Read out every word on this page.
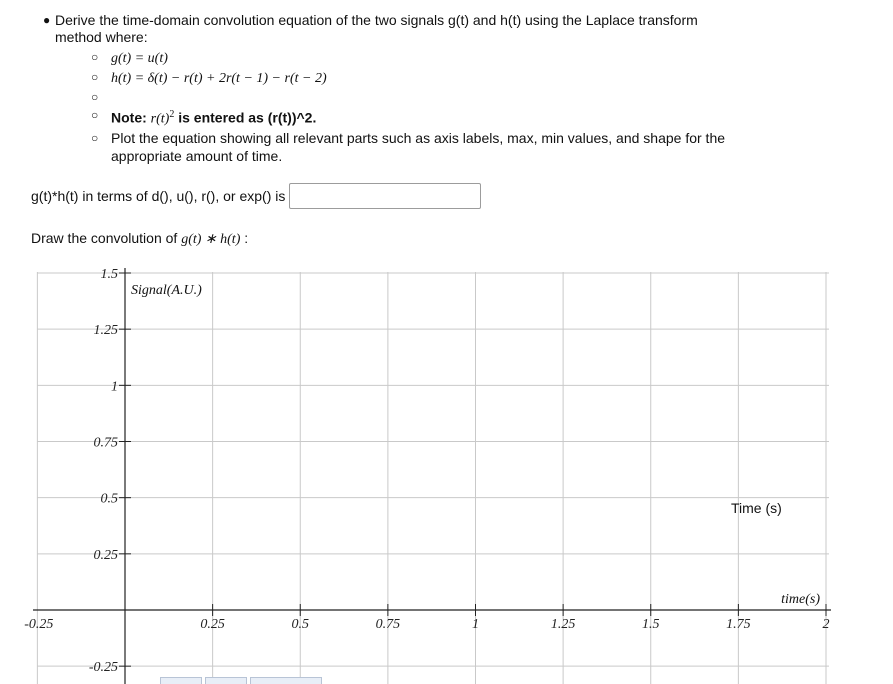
● Derive the time-domain convolution equation of the two signals g(t) and h(t) using the Laplace transform method where:
○ g(t) = u(t)
○ h(t) = δ(t) − r(t) + 2r(t − 1) − r(t − 2)
○
○ Note: $r(t)^2$ is entered as (r(t))^2.
○ Plot the equation showing all relevant parts such as axis labels, max, min values, and shape for the appropriate amount of time.
g(t)*h(t) in terms of d(), u(), r(), or exp() is
Draw the convolution of g(t) ∗ h(t) :
0.25	0.5	0.75	1	1.25	1.5	1.75	2
1.5
1.25
1
0.75
0.5
0.25
-0.25
-0.25
Signal(A.U.)
time(s)
Time (s)
